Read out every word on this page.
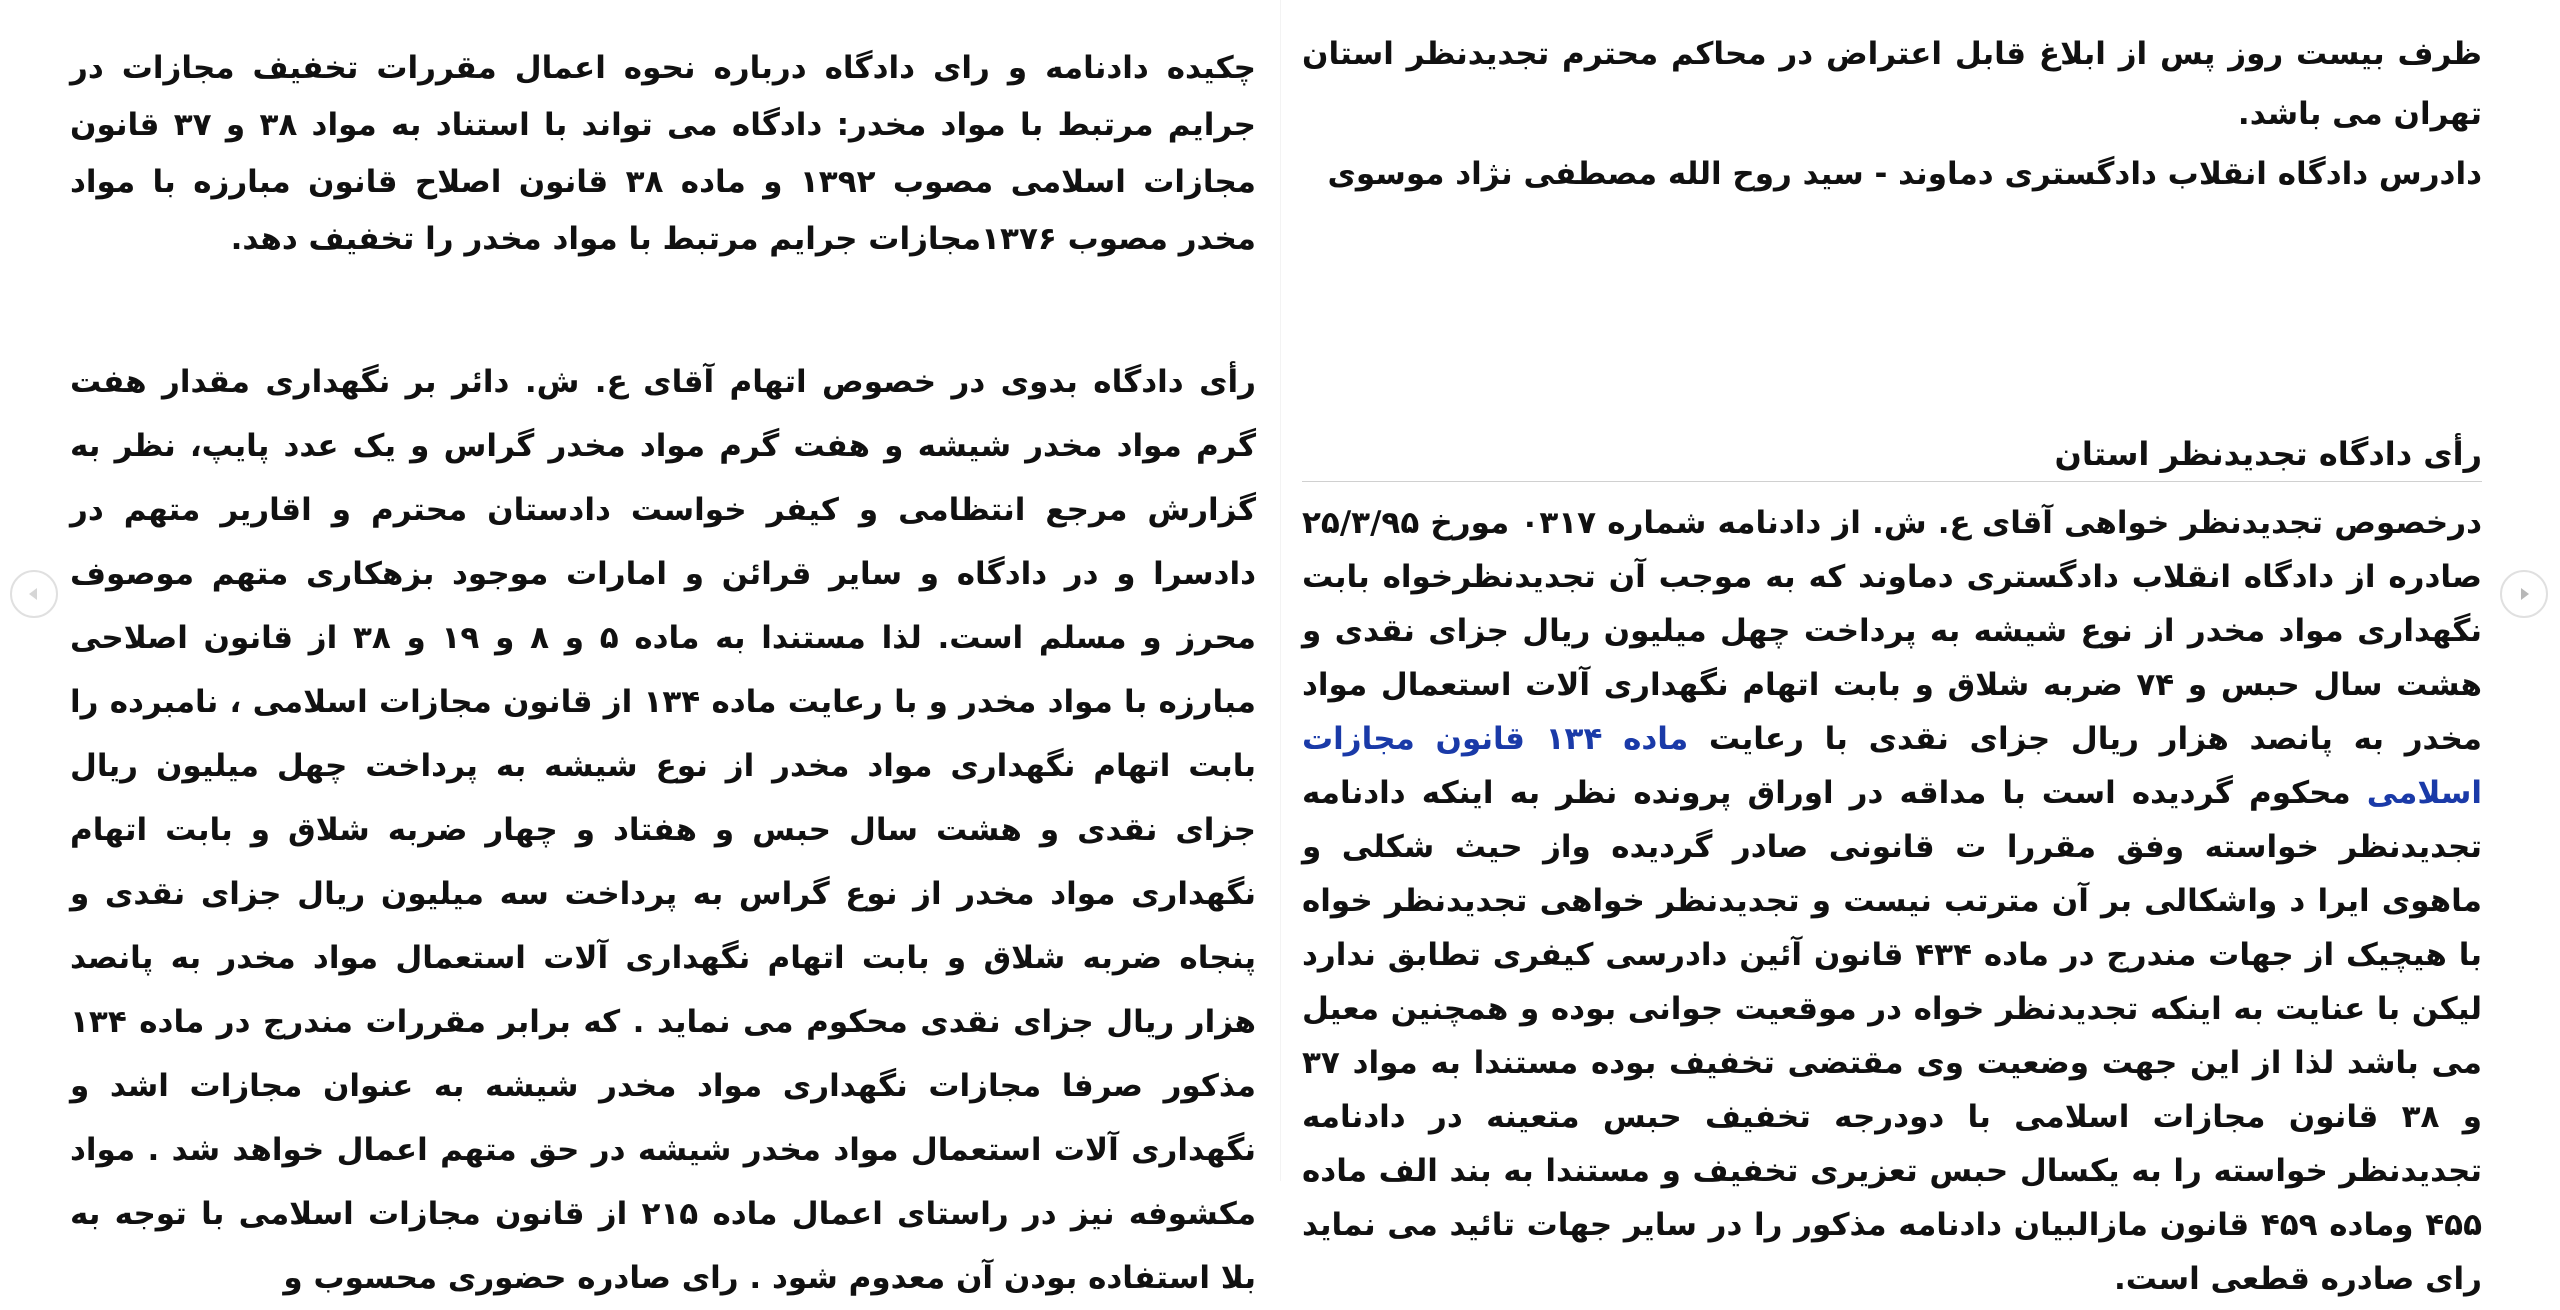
چکیده دادنامه و رای دادگاه درباره نحوه اعمال مقررات تخفیف مجازات در جرایم مرتبط با مواد مخدر: دادگاه می تواند با استناد به مواد ۳۸ و ۳۷ قانون مجازات اسلامی مصوب ۱۳۹۲ و ماده ۳۸ قانون اصلاح قانون مبارزه با مواد مخدر مصوب ۱۳۷۶مجازات جرایم مرتبط با مواد مخدر را تخفیف دهد.

رأی دادگاه بدوی در خصوص اتهام آقای ع. ش. دائر بر نگهداری مقدار هفت گرم مواد مخدر شیشه و هفت گرم مواد مخدر گراس و یک عدد پایپ، نظر به گزارش مرجع انتظامی و کیفر خواست دادستان محترم و اقاریر متهم در دادسرا و در دادگاه و سایر قرائن و امارات موجود بزهکاری متهم موصوف محرز و مسلم است. لذا مستندا به ماده ۵ و ۸ و ۱۹ و ۳۸ از قانون اصلاحی مبارزه با مواد مخدر و با رعایت ماده ۱۳۴ از قانون مجازات اسلامی ، نامبرده را بابت اتهام نگهداری مواد مخدر از نوع شیشه به پرداخت چهل میلیون ریال جزای نقدی و هشت سال حبس و هفتاد و چهار ضربه شلاق و بابت اتهام نگهداری مواد مخدر از نوع گراس به پرداخت سه میلیون ریال جزای نقدی و پنجاه ضربه شلاق و بابت اتهام نگهداری آلات استعمال مواد مخدر به پانصد هزار ریال جزای نقدی محکوم می نماید . که برابر مقررات مندرج در ماده ۱۳۴ مذکور صرفا مجازات نگهداری مواد مخدر شیشه به عنوان مجازات اشد و نگهداری آلات استعمال مواد مخدر شیشه در حق متهم اعمال خواهد شد . مواد مکشوفه نیز در راستای اعمال ماده ۲۱۵ از قانون مجازات اسلامی با توجه به بلا استفاده بودن آن معدوم شود . رای صادره حضوری محسوب و

ظرف بیست روز پس از ابلاغ قابل اعتراض در محاکم محترم تجدیدنظر استان تهران می باشد.
دادرس دادگاه انقلاب دادگستری دماوند - سید روح الله مصطفی نژاد موسوی

رأی دادگاه تجدیدنظر استان

درخصوص تجدیدنظر خواهی آقای ع. ش. از دادنامه شماره ۰۳۱۷ مورخ ۲۵/۳/۹۵ صادره از دادگاه انقلاب دادگستری دماوند که به موجب آن تجدیدنظرخواه بابت نگهداری مواد مخدر از نوع شیشه به پرداخت چهل میلیون ریال جزای نقدی و هشت سال حبس و ۷۴ ضربه شلاق و بابت اتهام نگهداری آلات استعمال مواد مخدر به پانصد هزار ریال جزای نقدی با رعایت ماده ۱۳۴ قانون مجازات اسلامی محکوم گردیده است با مداقه در اوراق پرونده نظر به اینکه دادنامه تجدیدنظر خواسته وفق مقررا ت قانونی صادر گردیده واز حیث شکلی و ماهوی ایرا د واشکالی بر آن مترتب نیست و تجدیدنظر خواهی تجدیدنظر خواه با هیچیک از جهات مندرج در ماده ۴۳۴ قانون آئین دادرسی کیفری تطابق ندارد لیکن با عنایت به اینکه تجدیدنظر خواه در موقعیت جوانی بوده و همچنین معیل می باشد لذا از این جهت وضعیت وی مقتضی تخفیف بوده مستندا به مواد ۳۷ و ۳۸ قانون مجازات اسلامی با دودرجه تخفیف حبس متعینه در دادنامه تجدیدنظر خواسته را به یکسال حبس تعزیری تخفیف و مستندا به بند الف ماده ۴۵۵ وماده ۴۵۹ قانون مازالبیان دادنامه مذکور را در سایر جهات تائید می نماید رای صادره قطعی است.
